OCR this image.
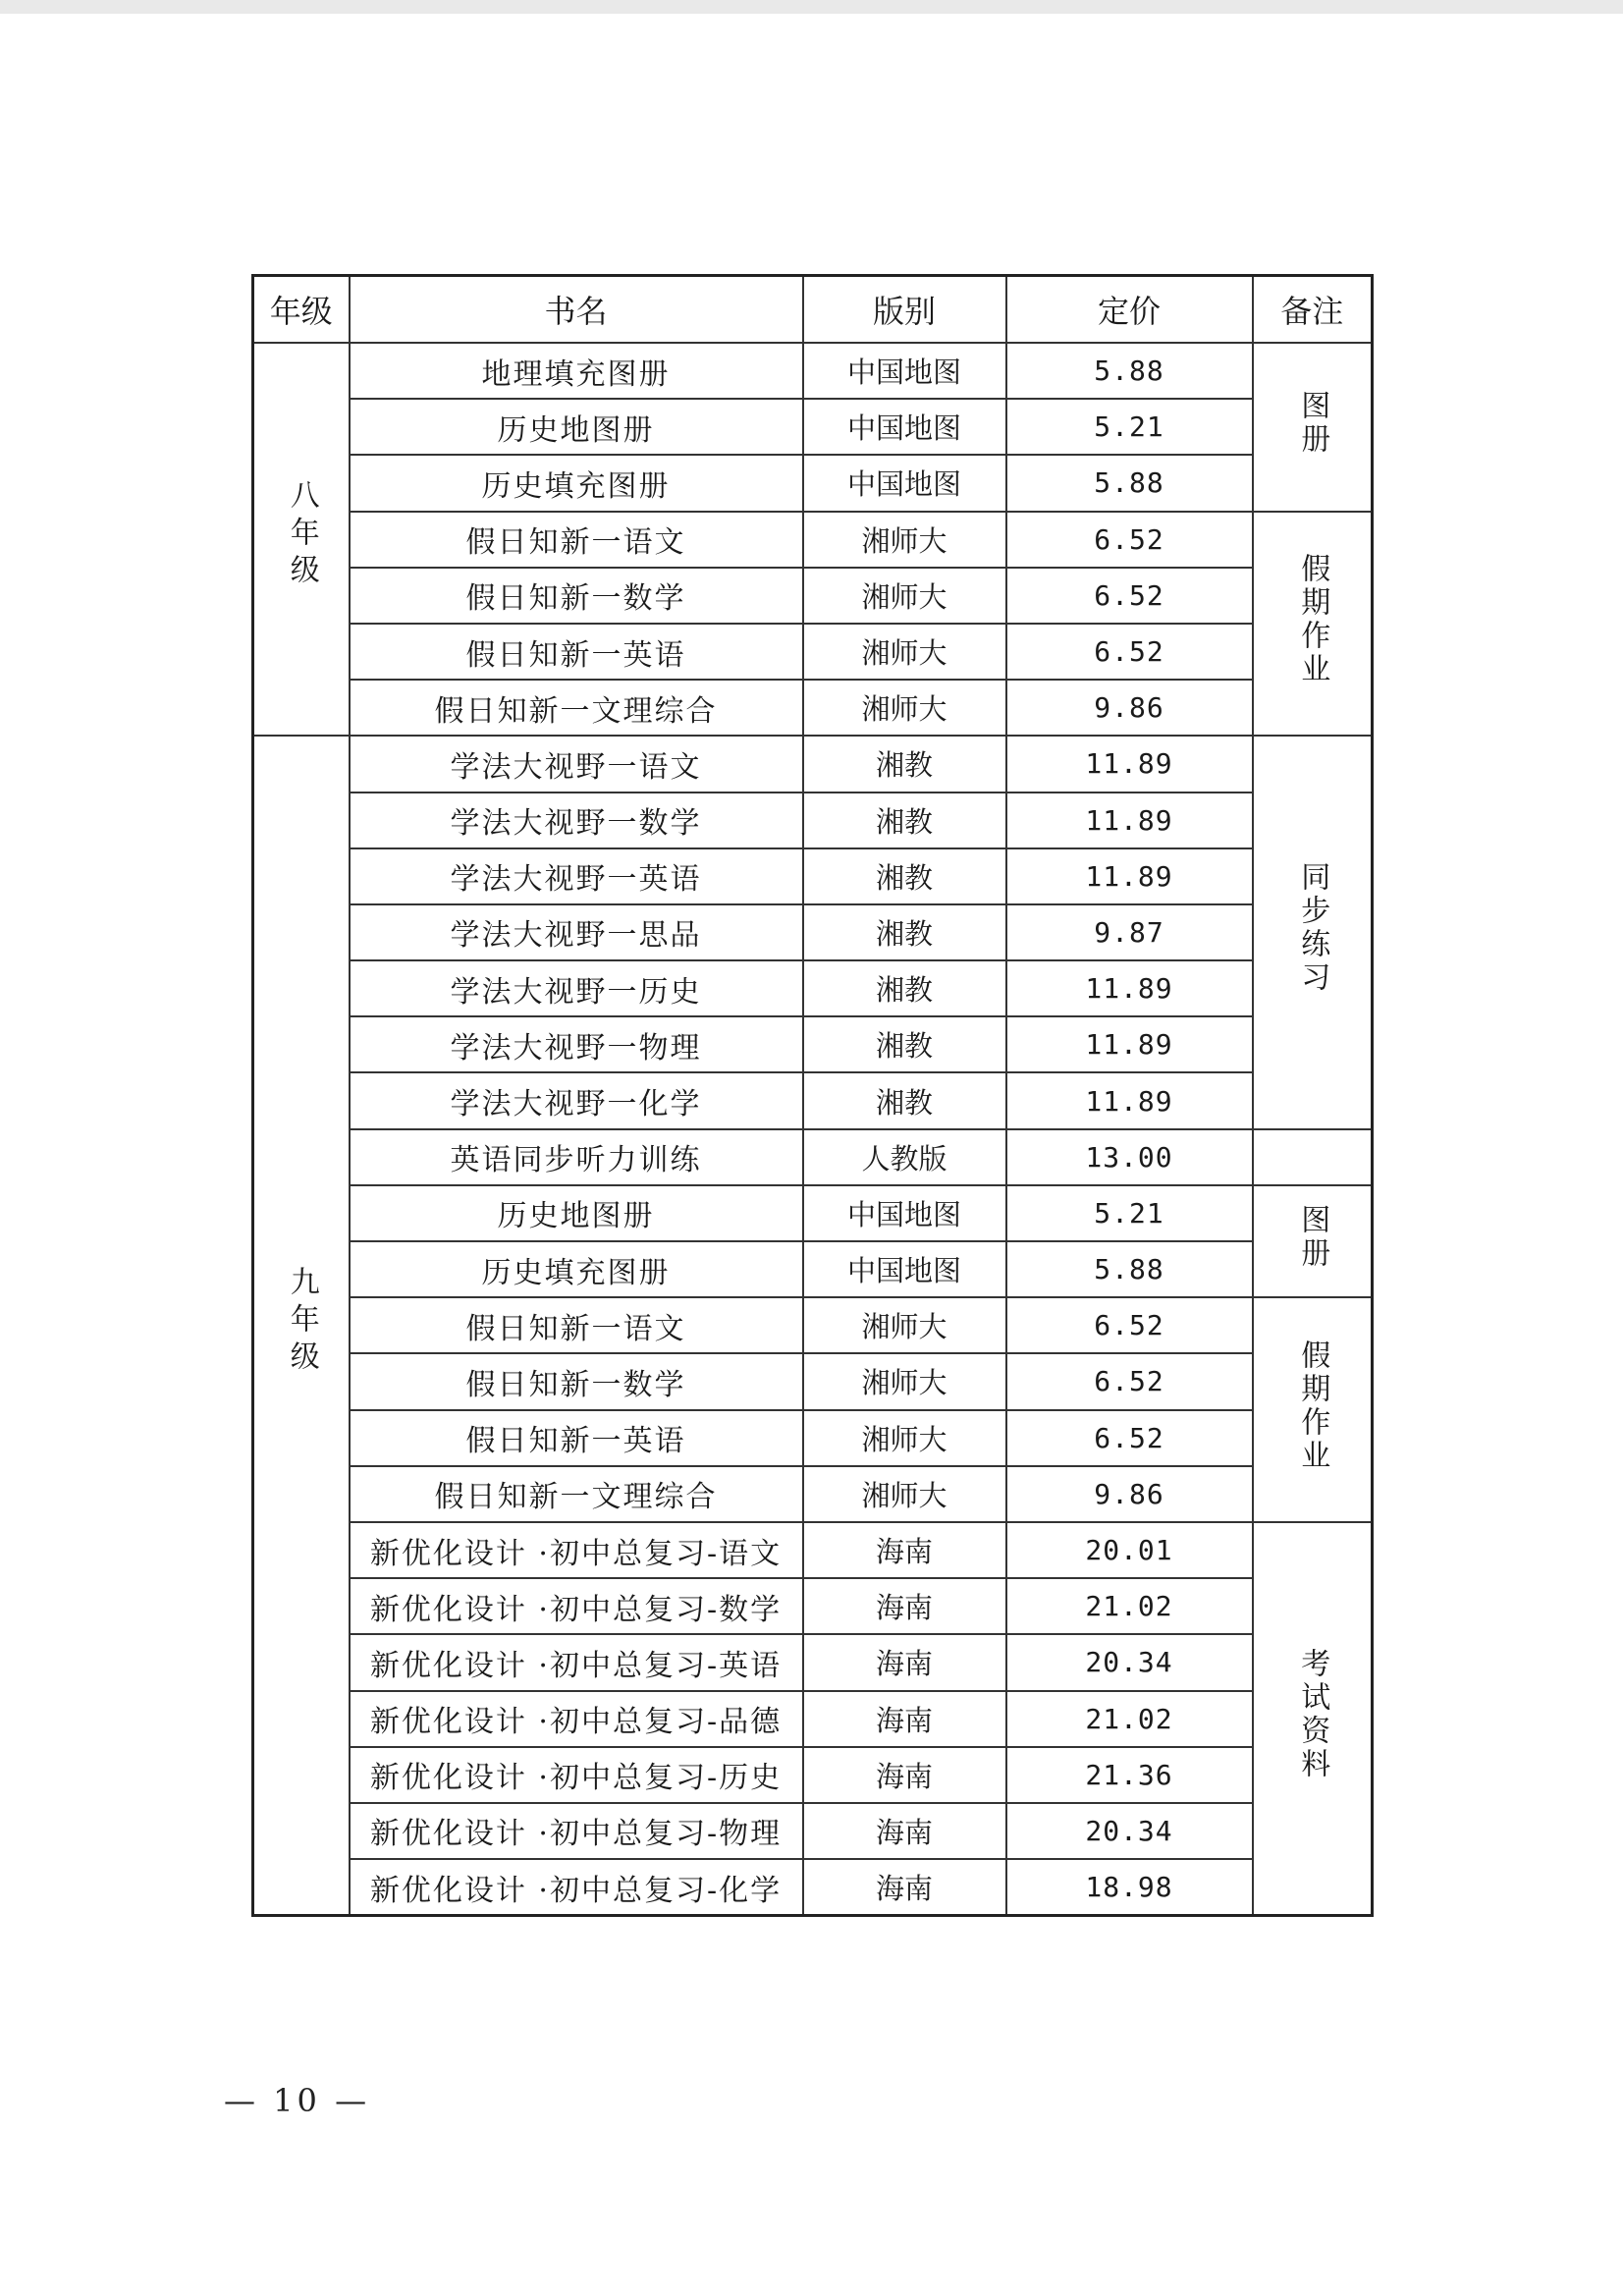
年级	书名	版别	定价	备注
八年级	地理填充图册	中国地图	5.88	图册
	历史地图册	中国地图	5.21	
	历史填充图册	中国地图	5.88	
	假日知新一语文	湘师大	6.52	假期作业
	假日知新一数学	湘师大	6.52	
	假日知新一英语	湘师大	6.52	
	假日知新一文理综合	湘师大	9.86	
九年级	学法大视野一语文	湘教	11.89	同步练习
	学法大视野一数学	湘教	11.89	
	学法大视野一英语	湘教	11.89	
	学法大视野一思品	湘教	9.87	
	学法大视野一历史	湘教	11.89	
	学法大视野一物理	湘教	11.89	
	学法大视野一化学	湘教	11.89	
	英语同步听力训练	人教版	13.00	
	历史地图册	中国地图	5.21	图册
	历史填充图册	中国地图	5.88	
	假日知新一语文	湘师大	6.52	假期作业
	假日知新一数学	湘师大	6.52	
	假日知新一英语	湘师大	6.52	
	假日知新一文理综合	湘师大	9.86	
	新优化设计 ·初中总复习-语文	海南	20.01	考试资料
	新优化设计 ·初中总复习-数学	海南	21.02	
	新优化设计 ·初中总复习-英语	海南	20.34	
	新优化设计 ·初中总复习-品德	海南	21.02	
	新优化设计 ·初中总复习-历史	海南	21.36	
	新优化设计 ·初中总复习-物理	海南	20.34	
	新优化设计 ·初中总复习-化学	海南	18.98	
— 10 —
